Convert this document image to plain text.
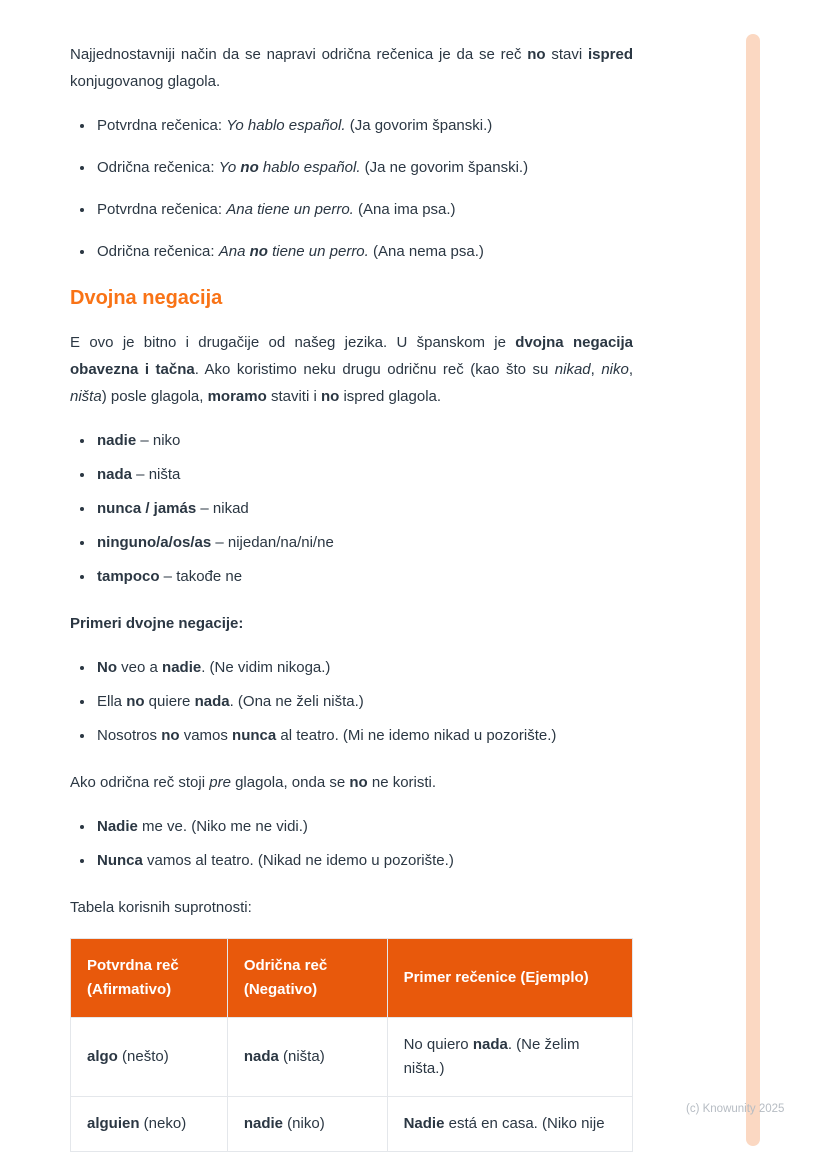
Najjednostavniji način da se napravi odrična rečenica je da se reč no stavi ispred konjugovanog glagola.

• Potvrdna rečenica: Yo hablo español. (Ja govorim španski.)
• Odrična rečenica: Yo no hablo español. (Ja ne govorim španski.)
• Potvrdna rečenica: Ana tiene un perro. (Ana ima psa.)
• Odrična rečenica: Ana no tiene un perro. (Ana nema psa.)
Dvojna negacija

E ovo je bitno i drugačije od našeg jezika. U španskom je dvojna negacija obavezna i tačna. Ako koristimo neku drugu odričnu reč (kao što su nikad, niko, ništa) posle glagola, moramo staviti i no ispred glagola.

• nadie – niko
• nada – ništa
• nunca / jamás – nikad
• ninguno/a/os/as – nijedan/na/ni/ne
• tampoco – takođe ne

Primeri dvojne negacije:

• No veo a nadie. (Ne vidim nikoga.)
• Ella no quiere nada. (Ona ne želi ništa.)
• Nosotros no vamos nunca al teatro. (Mi ne idemo nikad u pozorište.)

Ako odrična reč stoji pre glagola, onda se no ne koristi.

• Nadie me ve. (Niko me ne vidi.)
• Nunca vamos al teatro. (Nikad ne idemo u pozorište.)

Tabela korisnih suprotnosti:

Potvrdna reč (Afirmativo)	Odrična reč (Negativo)	Primer rečenice (Ejemplo)
algo (nešto)	nada (ništa)	No quiero nada. (Ne želim ništa.)
alguien (neko)	nadie (niko)	Nadie está en casa. (Niko nije
(c) Knowunity 2025
